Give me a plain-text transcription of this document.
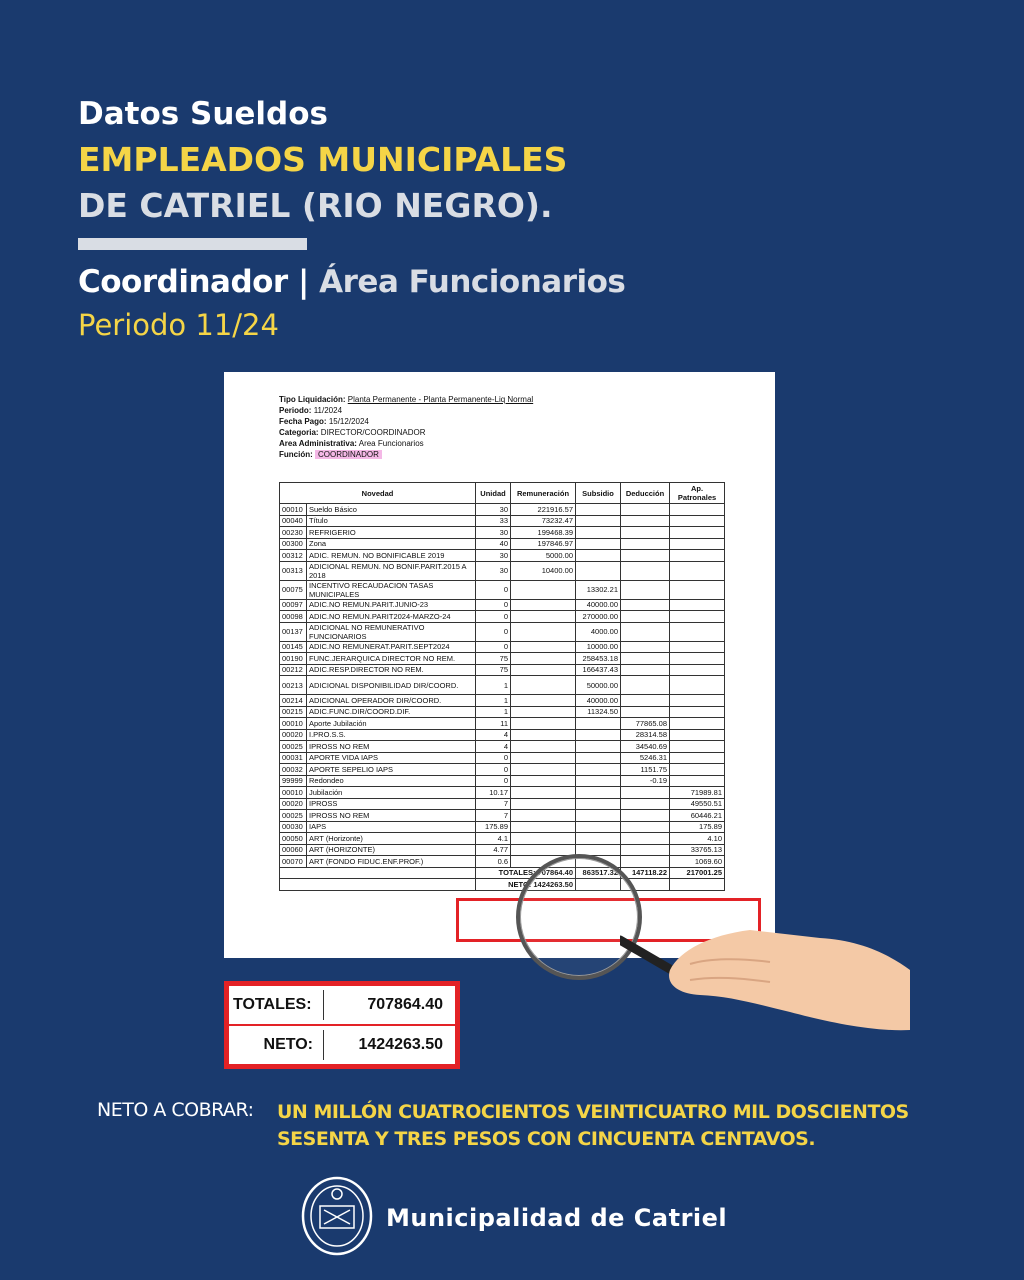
Datos Sueldos
EMPLEADOS MUNICIPALES
DE CATRIEL (RIO NEGRO).
Coordinador | Área Funcionarios
Periodo 11/24
Tipo Liquidación: Planta Permanente - Planta Permanente-Liq Normal
Periodo: 11/2024
Fecha Pago: 15/12/2024
Categoria: DIRECTOR/COORDINADOR
Area Administrativa: Area Funcionarios
Función: COORDINADOR
Novedad		Unidad	Remuneración	Subsidio	Deducción	Ap. Patronales
00010	Sueldo Básico	30	221916.57			
00040	Título	33	73232.47			
00230	REFRIGERIO	30	199468.39			
00300	Zona	40	197846.97			
00312	ADIC. REMUN. NO BONIFICABLE 2019	30	5000.00			
00313	ADICIONAL REMUN. NO BONIF.PARIT.2015 A 2018	30	10400.00			
00075	INCENTIVO RECAUDACION TASAS MUNICIPALES	0		13302.21		
00097	ADIC.NO REMUN.PARIT.JUNIO-23	0		40000.00		
00098	ADIC.NO REMUN.PARIT2024-MARZO-24	0		270000.00		
00137	ADICIONAL NO REMUNERATIVO FUNCIONARIOS	0		4000.00		
00145	ADIC.NO REMUNERAT.PARIT.SEPT2024	0		10000.00		
00190	FUNC.JERARQUICA DIRECTOR NO REM.	75		258453.18		
00212	ADIC.RESP.DIRECTOR NO REM.	75		166437.43		
00213	ADICIONAL DISPONIBILIDAD DIR/COORD.	1		50000.00		
00214	ADICIONAL OPERADOR DIR/COORD.	1		40000.00		
00215	ADIC.FUNC.DIR/COORD.DIF.	1		11324.50		
00010	Aporte Jubilación	11			77865.08	
00020	I.PRO.S.S.	4			28314.58	
00025	IPROSS NO REM	4			34540.69	
00031	APORTE VIDA IAPS	0			5246.31	
00032	APORTE SEPELIO IAPS	0			1151.75	
99999	Redondeo	0			-0.19	
00010	Jubilación	10.17				71989.81
00020	IPROSS	7				49550.51
00025	IPROSS NO REM	7				60446.21
00030	IAPS	175.89				175.89
00050	ART (Horizonte)	4.1				4.10
00060	ART (HORIZONTE)	4.77				33765.13
00070	ART (FONDO FIDUC.ENF.PROF.)	0.6				1069.60
		TOTALES: 707864.40		863517.32	147118.22	217001.25
		NETO: 1424263.50				
TOTALES:	707864.40
NETO:	1424263.50
NETO A COBRAR: UN MILLÓN CUATROCIENTOS VEINTICUATRO MIL DOSCIENTOS SESENTA Y TRES PESOS CON CINCUENTA CENTAVOS.
Municipalidad de Catriel
